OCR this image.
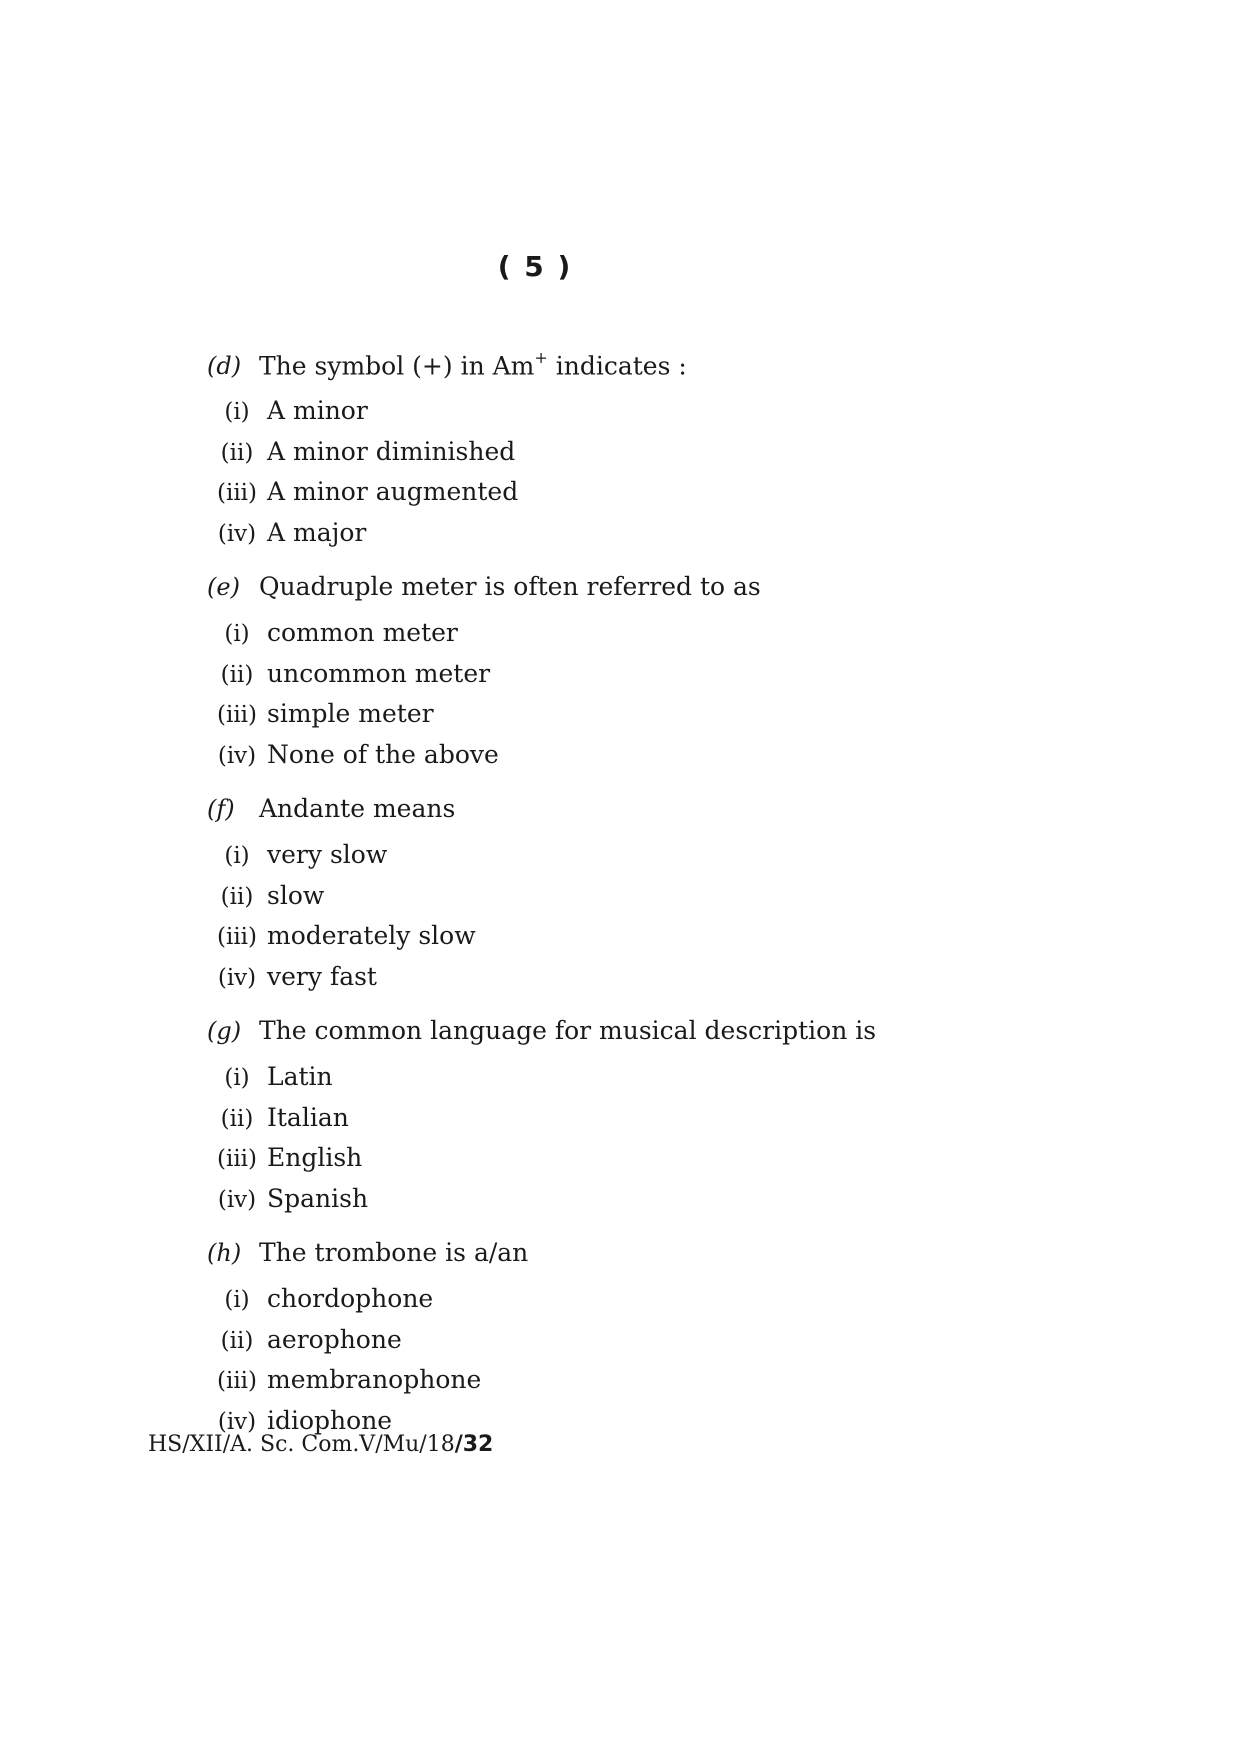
( 5 )
(d) The symbol (+) in Am+ indicates :
(i) A minor
(ii) A minor diminished
(iii) A minor augmented
(iv) A major
(e) Quadruple meter is often referred to as
(i) common meter
(ii) uncommon meter
(iii) simple meter
(iv) None of the above
(f) Andante means
(i) very slow
(ii) slow
(iii) moderately slow
(iv) very fast
(g) The common language for musical description is
(i) Latin
(ii) Italian
(iii) English
(iv) Spanish
(h) The trombone is a/an
(i) chordophone
(ii) aerophone
(iii) membranophone
(iv) idiophone
HS/XII/A. Sc. Com.V/Mu/18/32
